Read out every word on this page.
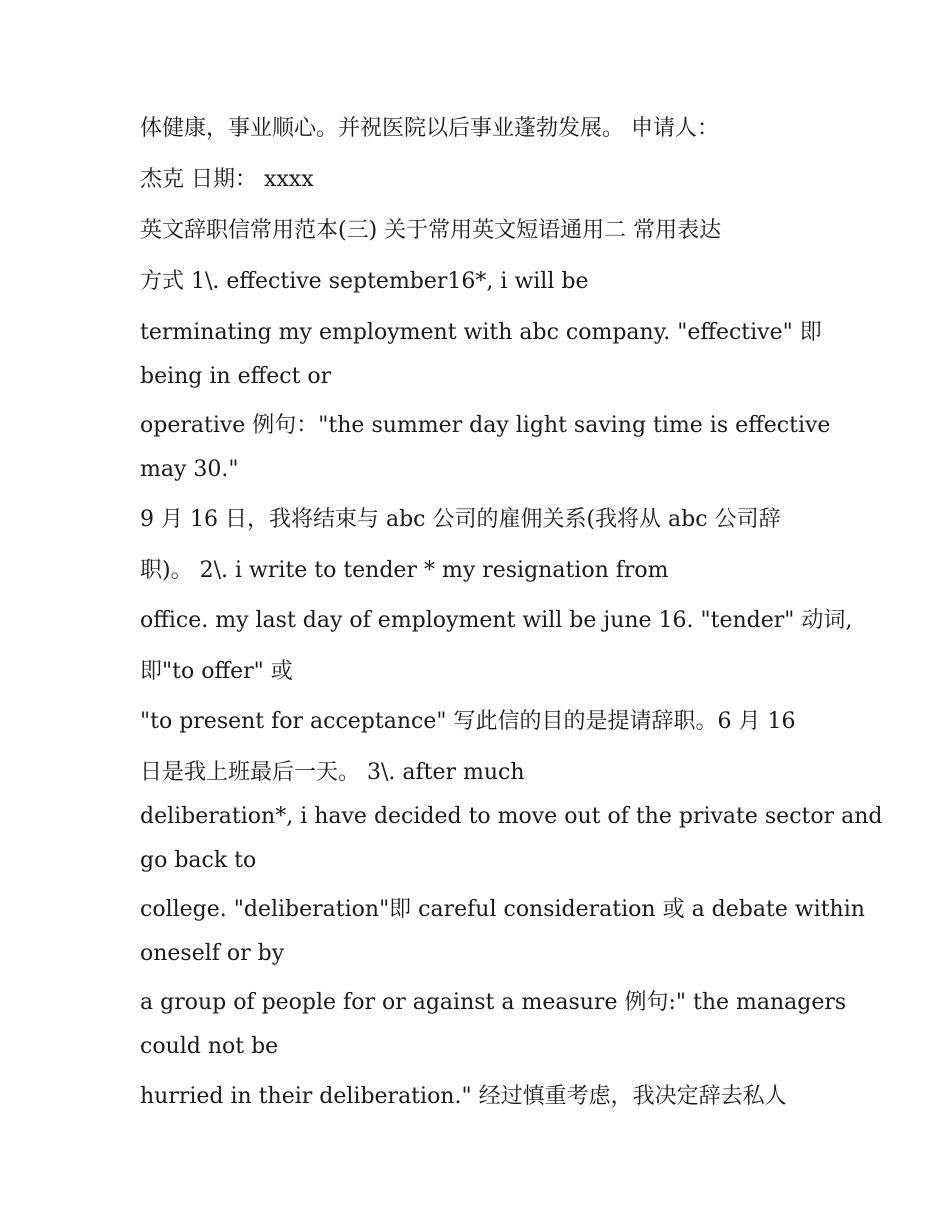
体健康，事业顺心。并祝医院以后事业蓬勃发展。 申请人：
杰克 日期： xxxx
英文辞职信常用范本(三) 关于常用英文短语通用二 常用表达
方式 1\. effective september16*, i will be
terminating my employment with abc company. "effective" 即
being in effect or
operative 例句："the summer day light saving time is effective
may 30."
9 月 16 日，我将结束与 abc 公司的雇佣关系(我将从 abc 公司辞
职)。 2\. i write to tender * my resignation from
office. my last day of employment will be june 16. "tender" 动词,
即"to offer" 或
"to present for acceptance" 写此信的目的是提请辞职。6 月 16
日是我上班最后一天。 3\. after much
deliberation*, i have decided to move out of the private sector and
go back to
college. "deliberation"即 careful consideration 或 a debate within
oneself or by
a group of people for or against a measure 例句:" the managers
could not be
hurried in their deliberation." 经过慎重考虑，我决定辞去私人
